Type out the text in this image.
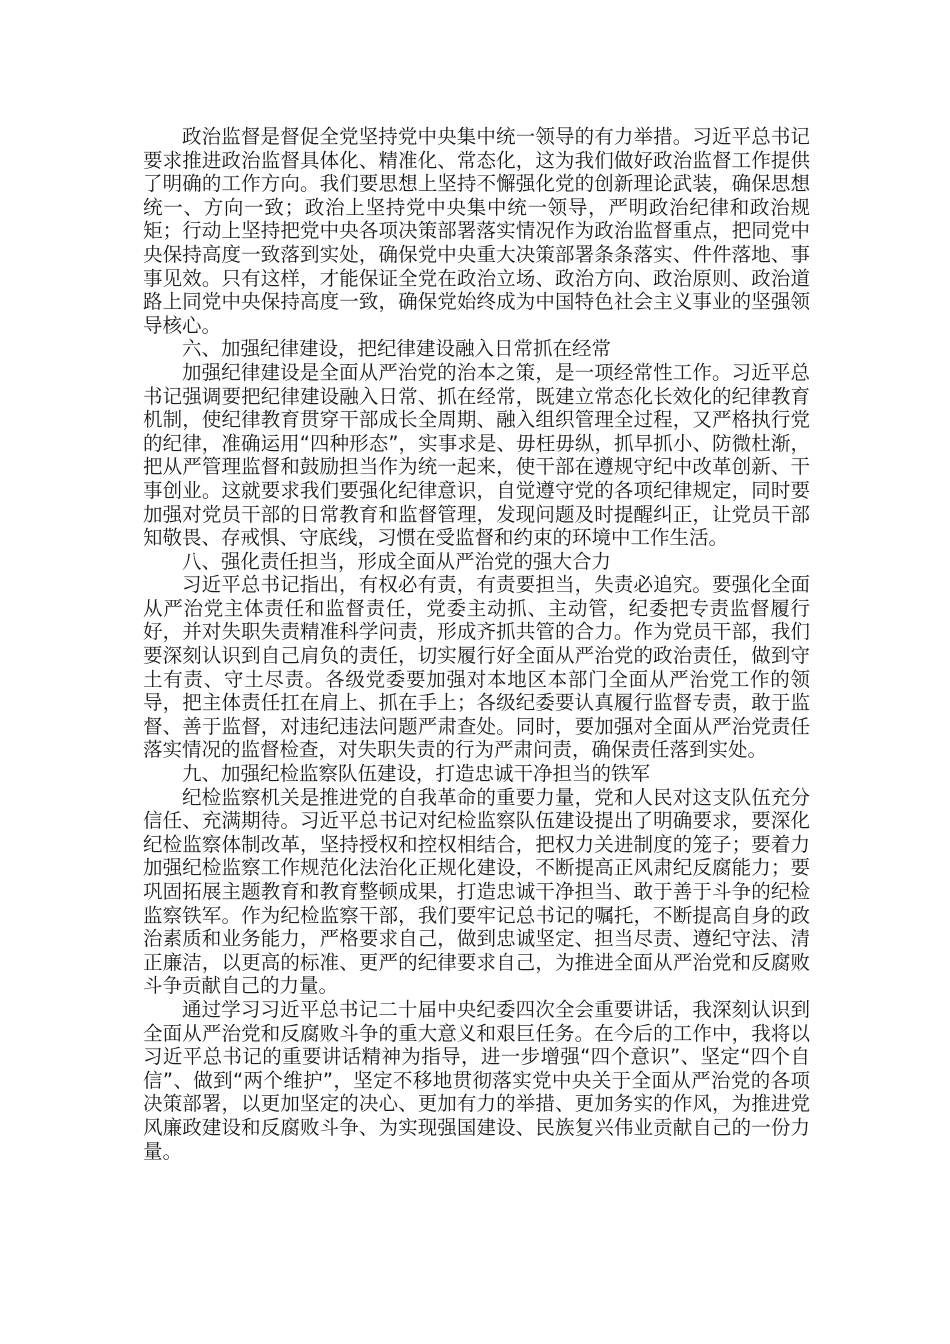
政治监督是督促全党坚持党中央集中统一领导的有力举措。习近平总书记要求推进政治监督具体化、精准化、常态化，这为我们做好政治监督工作提供了明确的工作方向。我们要思想上坚持不懈强化党的创新理论武装，确保思想统一、方向一致；政治上坚持党中央集中统一领导，严明政治纪律和政治规矩；行动上坚持把党中央各项决策部署落实情况作为政治监督重点，把同党中央保持高度一致落到实处，确保党中央重大决策部署条条落实、件件落地、事事见效。只有这样，才能保证全党在政治立场、政治方向、政治原则、政治道路上同党中央保持高度一致，确保党始终成为中国特色社会主义事业的坚强领导核心。

六、加强纪律建设，把纪律建设融入日常抓在经常

加强纪律建设是全面从严治党的治本之策，是一项经常性工作。习近平总书记强调要把纪律建设融入日常、抓在经常，既建立常态化长效化的纪律教育机制，使纪律教育贯穿干部成长全周期、融入组织管理全过程，又严格执行党的纪律，准确运用“四种形态”，实事求是、毋枉毋纵，抓早抓小、防微杜渐，把从严管理监督和鼓励担当作为统一起来，使干部在遵规守纪中改革创新、干事创业。这就要求我们要强化纪律意识，自觉遵守党的各项纪律规定，同时要加强对党员干部的日常教育和监督管理，发现问题及时提醒纠正，让党员干部知敬畏、存戒惧、守底线，习惯在受监督和约束的环境中工作生活。

八、强化责任担当，形成全面从严治党的强大合力

习近平总书记指出，有权必有责，有责要担当，失责必追究。要强化全面从严治党主体责任和监督责任，党委主动抓、主动管，纪委把专责监督履行好，并对失职失责精准科学问责，形成齐抓共管的合力。作为党员干部，我们要深刻认识到自己肩负的责任，切实履行好全面从严治党的政治责任，做到守土有责、守土尽责。各级党委要加强对本地区本部门全面从严治党工作的领导，把主体责任扛在肩上、抓在手上；各级纪委要认真履行监督专责，敢于监督、善于监督，对违纪违法问题严肃查处。同时，要加强对全面从严治党责任落实情况的监督检查，对失职失责的行为严肃问责，确保责任落到实处。

九、加强纪检监察队伍建设，打造忠诚干净担当的铁军

纪检监察机关是推进党的自我革命的重要力量，党和人民对这支队伍充分信任、充满期待。习近平总书记对纪检监察队伍建设提出了明确要求，要深化纪检监察体制改革，坚持授权和控权相结合，把权力关进制度的笼子；要着力加强纪检监察工作规范化法治化正规化建设，不断提高正风肃纪反腐能力；要巩固拓展主题教育和教育整顿成果，打造忠诚干净担当、敢于善于斗争的纪检监察铁军。作为纪检监察干部，我们要牢记总书记的嘱托，不断提高自身的政治素质和业务能力，严格要求自己，做到忠诚坚定、担当尽责、遵纪守法、清正廉洁，以更高的标准、更严的纪律要求自己，为推进全面从严治党和反腐败斗争贡献自己的力量。

通过学习习近平总书记二十届中央纪委四次全会重要讲话，我深刻认识到全面从严治党和反腐败斗争的重大意义和艰巨任务。在今后的工作中，我将以习近平总书记的重要讲话精神为指导，进一步增强“四个意识”、坚定“四个自信”、做到“两个维护”，坚定不移地贯彻落实党中央关于全面从严治党的各项决策部署，以更加坚定的决心、更加有力的举措、更加务实的作风，为推进党风廉政建设和反腐败斗争、为实现强国建设、民族复兴伟业贡献自己的一份力量。
